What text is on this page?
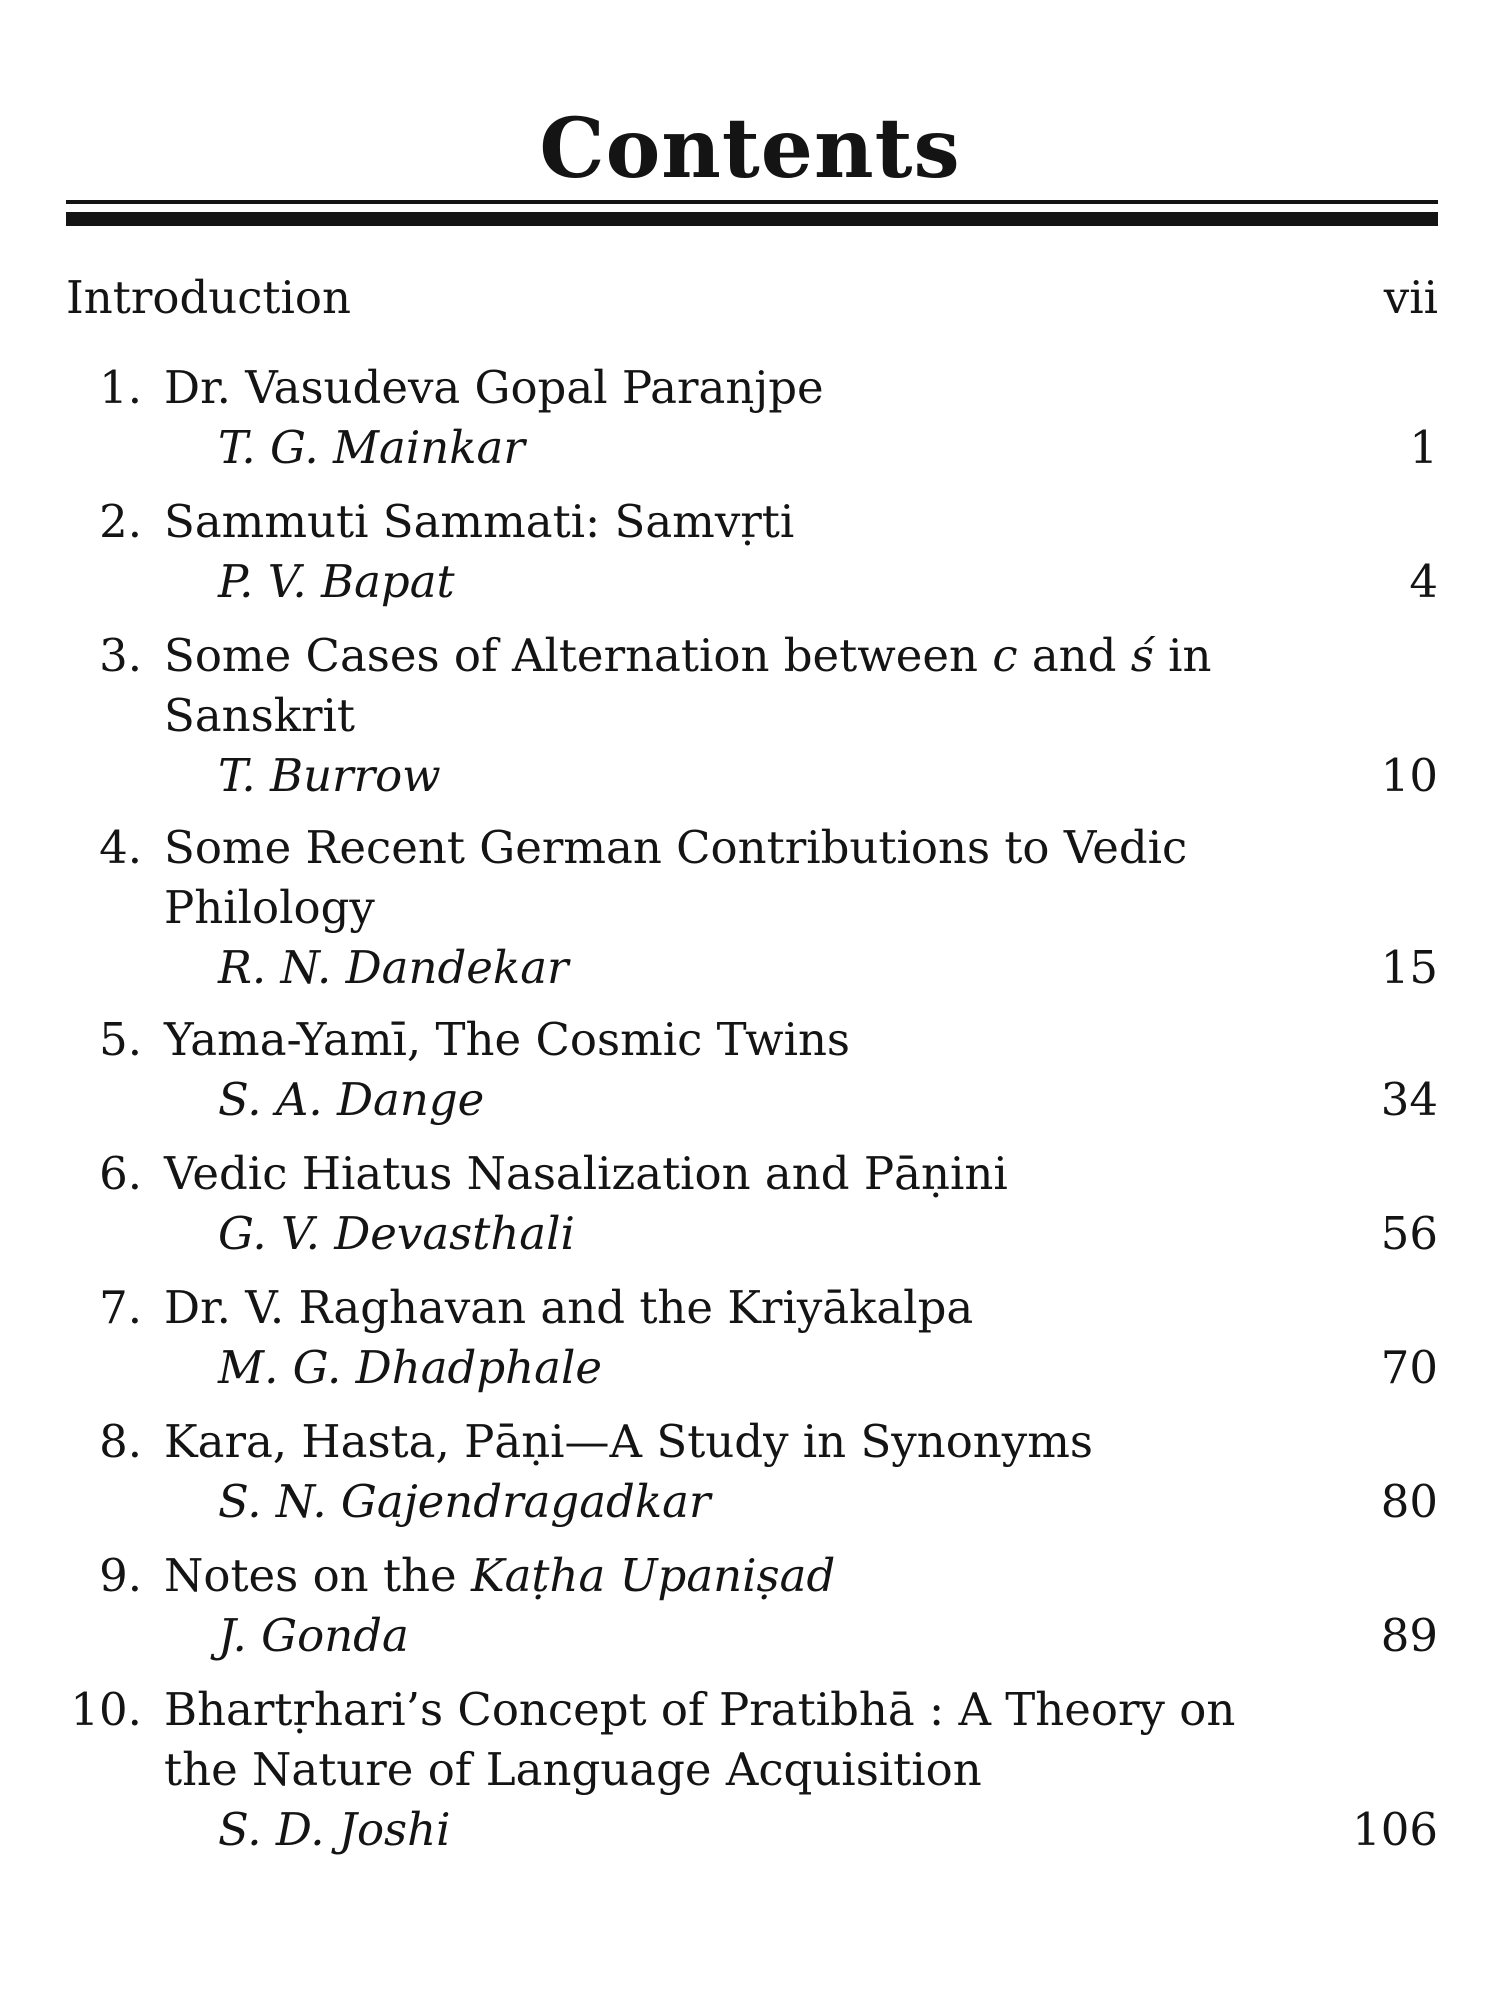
Contents
Introduction	vii
1. Dr. Vasudeva Gopal Paranjpe
T. G. Mainkar	1
2. Sammuti Sammati: Samvṛti
P. V. Bapat	4
3. Some Cases of Alternation between c and ś in Sanskrit
T. Burrow	10
4. Some Recent German Contributions to Vedic Philology
R. N. Dandekar	15
5. Yama-Yamī, The Cosmic Twins
S. A. Dange	34
6. Vedic Hiatus Nasalization and Pāṇini
G. V. Devasthali	56
7. Dr. V. Raghavan and the Kriyākalpa
M. G. Dhadphale	70
8. Kara, Hasta, Pāṇi—A Study in Synonyms
S. N. Gajendragadkar	80
9. Notes on the Kaṭha Upaniṣad
J. Gonda	89
10. Bhartṛhari’s Concept of Pratibhā : A Theory on the Nature of Language Acquisition
S. D. Joshi	106
